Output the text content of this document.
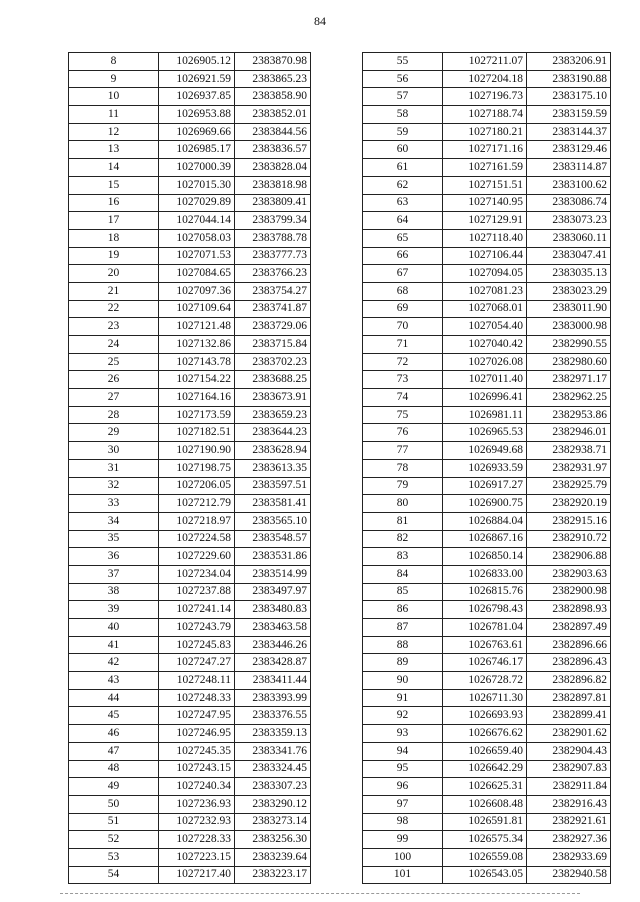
84
8	1026905.12	2383870.98
9	1026921.59	2383865.23
10	1026937.85	2383858.90
11	1026953.88	2383852.01
12	1026969.66	2383844.56
13	1026985.17	2383836.57
14	1027000.39	2383828.04
15	1027015.30	2383818.98
16	1027029.89	2383809.41
17	1027044.14	2383799.34
18	1027058.03	2383788.78
19	1027071.53	2383777.73
20	1027084.65	2383766.23
21	1027097.36	2383754.27
22	1027109.64	2383741.87
23	1027121.48	2383729.06
24	1027132.86	2383715.84
25	1027143.78	2383702.23
26	1027154.22	2383688.25
27	1027164.16	2383673.91
28	1027173.59	2383659.23
29	1027182.51	2383644.23
30	1027190.90	2383628.94
31	1027198.75	2383613.35
32	1027206.05	2383597.51
33	1027212.79	2383581.41
34	1027218.97	2383565.10
35	1027224.58	2383548.57
36	1027229.60	2383531.86
37	1027234.04	2383514.99
38	1027237.88	2383497.97
39	1027241.14	2383480.83
40	1027243.79	2383463.58
41	1027245.83	2383446.26
42	1027247.27	2383428.87
43	1027248.11	2383411.44
44	1027248.33	2383393.99
45	1027247.95	2383376.55
46	1027246.95	2383359.13
47	1027245.35	2383341.76
48	1027243.15	2383324.45
49	1027240.34	2383307.23
50	1027236.93	2383290.12
51	1027232.93	2383273.14
52	1027228.33	2383256.30
53	1027223.15	2383239.64
54	1027217.40	2383223.17
55	1027211.07	2383206.91
56	1027204.18	2383190.88
57	1027196.73	2383175.10
58	1027188.74	2383159.59
59	1027180.21	2383144.37
60	1027171.16	2383129.46
61	1027161.59	2383114.87
62	1027151.51	2383100.62
63	1027140.95	2383086.74
64	1027129.91	2383073.23
65	1027118.40	2383060.11
66	1027106.44	2383047.41
67	1027094.05	2383035.13
68	1027081.23	2383023.29
69	1027068.01	2383011.90
70	1027054.40	2383000.98
71	1027040.42	2382990.55
72	1027026.08	2382980.60
73	1027011.40	2382971.17
74	1026996.41	2382962.25
75	1026981.11	2382953.86
76	1026965.53	2382946.01
77	1026949.68	2382938.71
78	1026933.59	2382931.97
79	1026917.27	2382925.79
80	1026900.75	2382920.19
81	1026884.04	2382915.16
82	1026867.16	2382910.72
83	1026850.14	2382906.88
84	1026833.00	2382903.63
85	1026815.76	2382900.98
86	1026798.43	2382898.93
87	1026781.04	2382897.49
88	1026763.61	2382896.66
89	1026746.17	2382896.43
90	1026728.72	2382896.82
91	1026711.30	2382897.81
92	1026693.93	2382899.41
93	1026676.62	2382901.62
94	1026659.40	2382904.43
95	1026642.29	2382907.83
96	1026625.31	2382911.84
97	1026608.48	2382916.43
98	1026591.81	2382921.61
99	1026575.34	2382927.36
100	1026559.08	2382933.69
101	1026543.05	2382940.58
